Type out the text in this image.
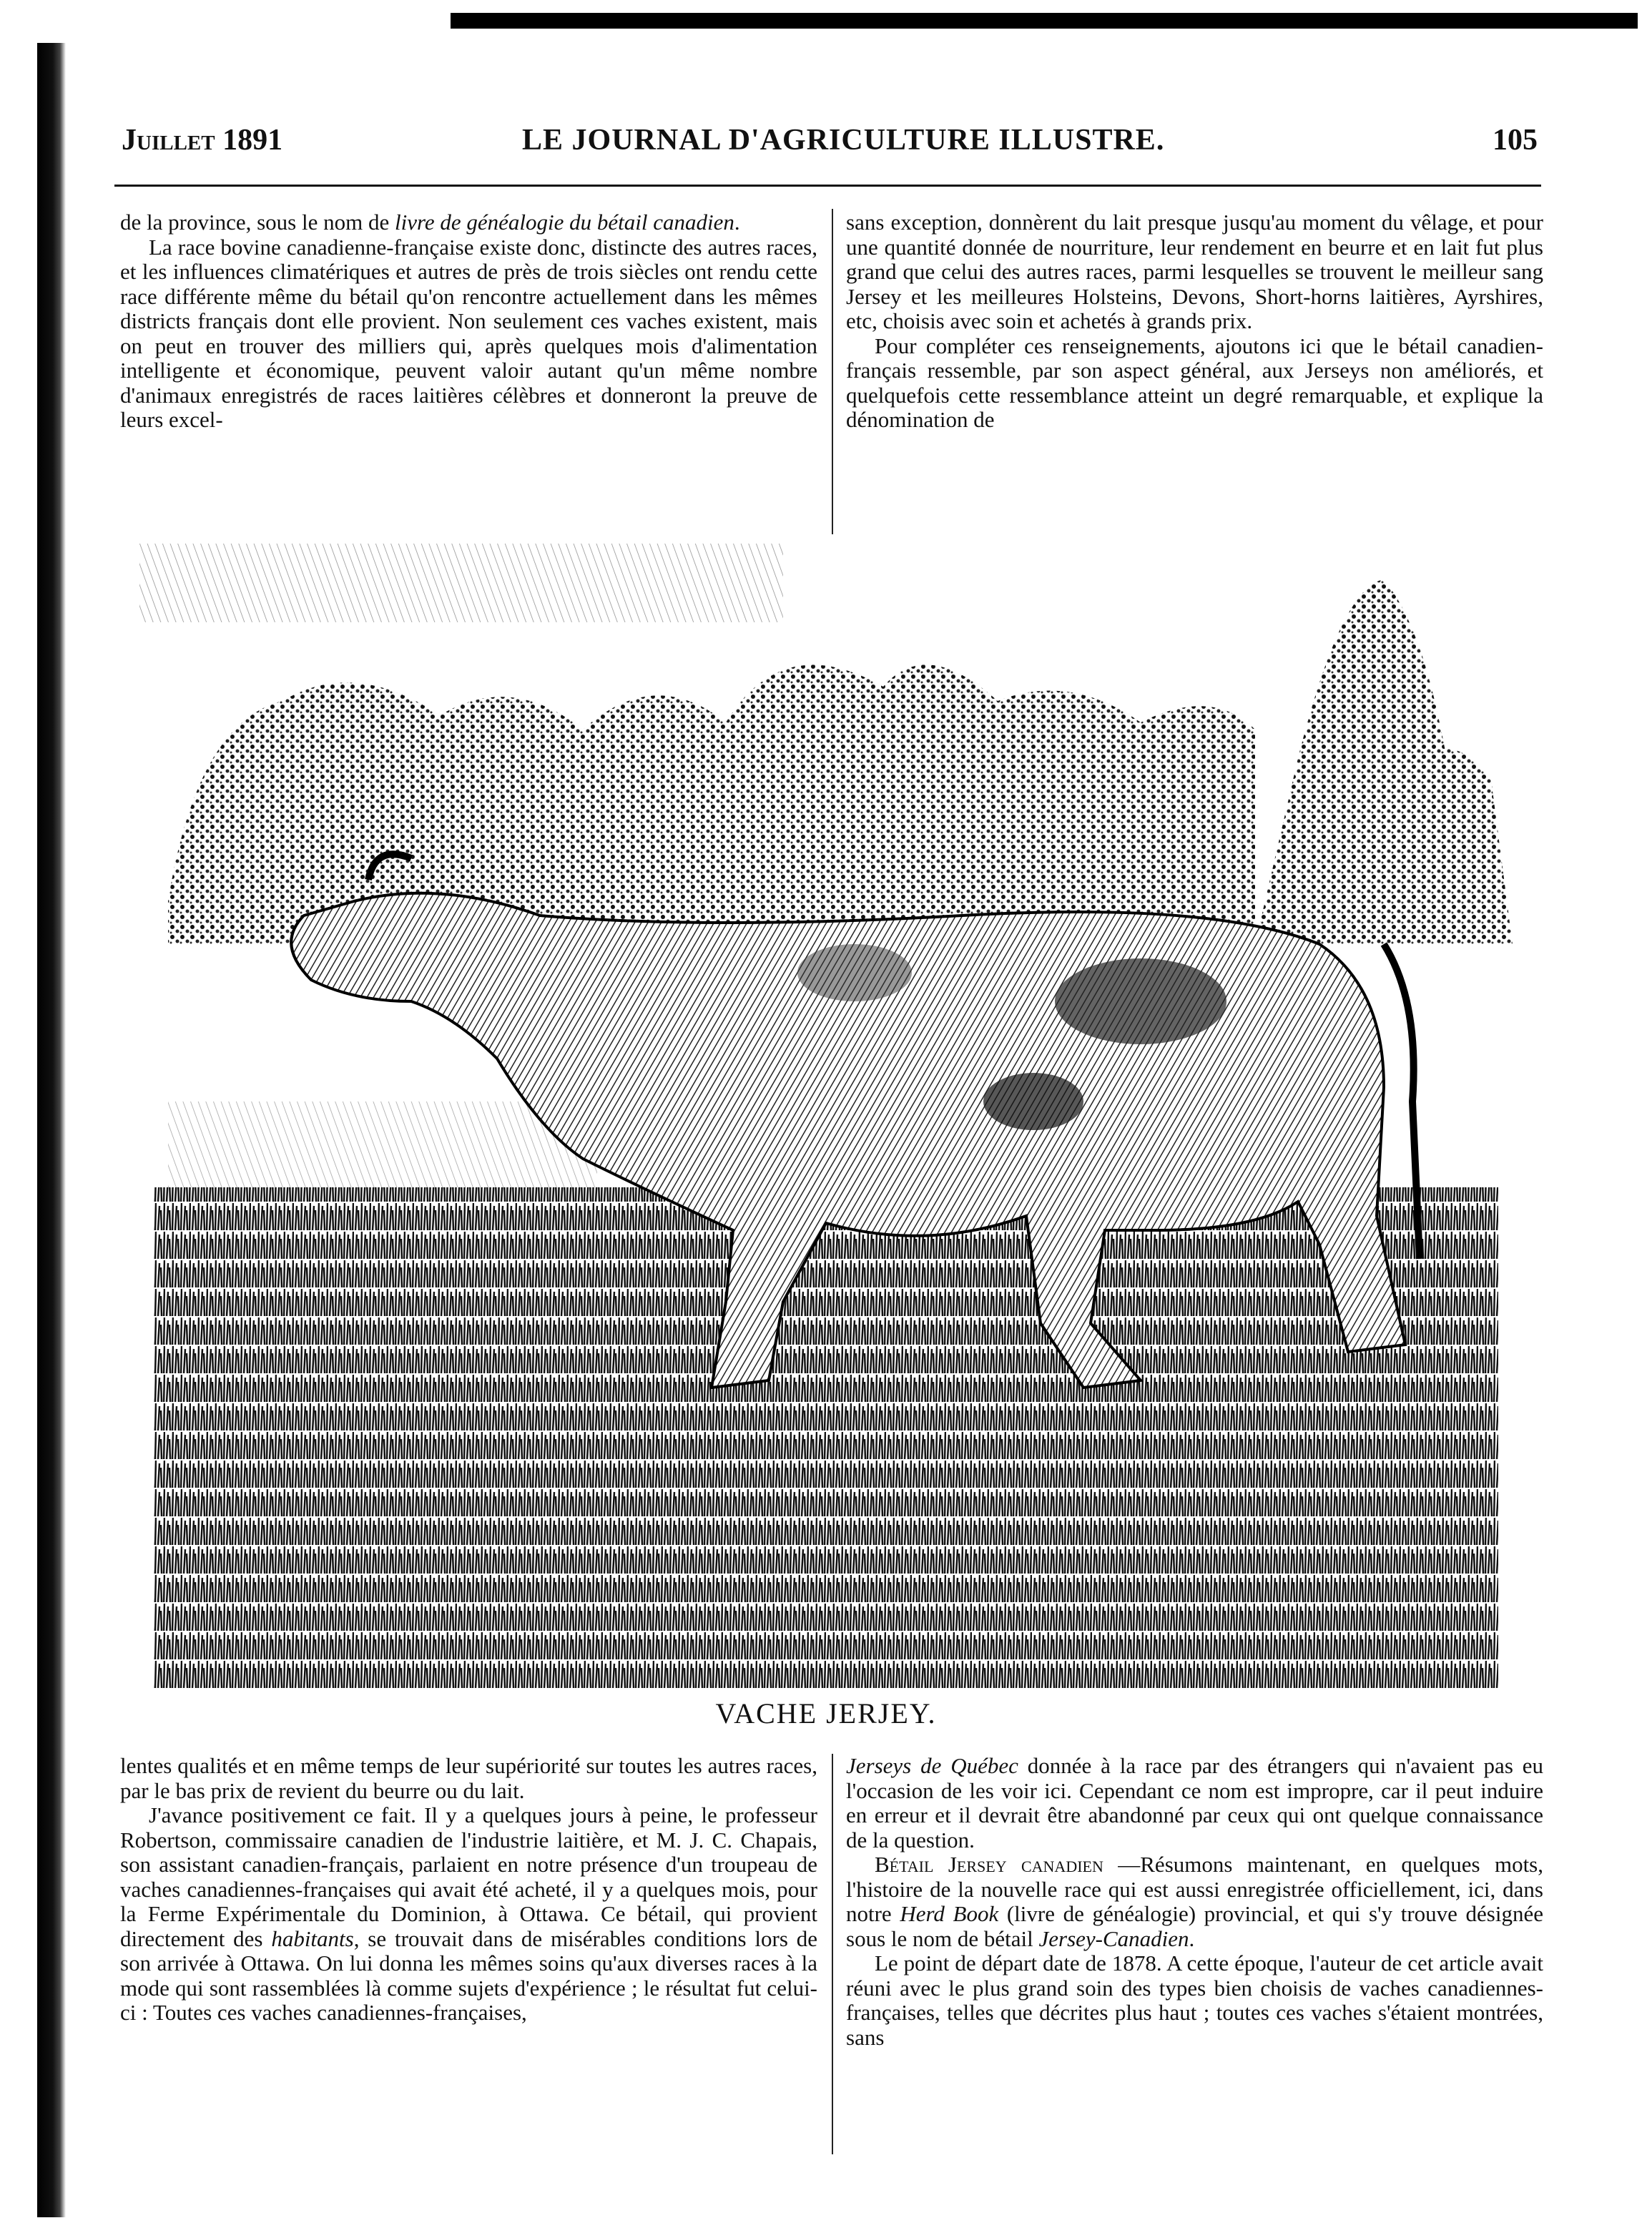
Juillet 1891	LE JOURNAL D'AGRICULTURE ILLUSTRE.	105

de la province, sous le nom de livre de généalogie du bétail canadien.

La race bovine canadienne-française existe donc, distincte des autres races, et les influences climatériques et autres de près de trois siècles ont rendu cette race différente même du bétail qu'on rencontre actuellement dans les mêmes districts français dont elle provient. Non seulement ces vaches existent, mais on peut en trouver des milliers qui, après quelques mois d'alimentation intelligente et économique, peuvent valoir autant qu'un même nombre d'animaux enregistrés de races laitières célèbres et donneront la preuve de leurs excel-

sans exception, donnèrent du lait presque jusqu'au moment du vêlage, et pour une quantité donnée de nourriture, leur rendement en beurre et en lait fut plus grand que celui des autres races, parmi lesquelles se trouvent le meilleur sang Jersey et les meilleures Holsteins, Devons, Short-horns laitières, Ayrshires, etc, choisis avec soin et achetés à grands prix.

Pour compléter ces renseignements, ajoutons ici que le bétail canadien-français ressemble, par son aspect général, aux Jerseys non améliorés, et quelquefois cette ressemblance atteint un degré remarquable, et explique la dénomination de

VACHE JERJEY.

lentes qualités et en même temps de leur supériorité sur toutes les autres races, par le bas prix de revient du beurre ou du lait.

J'avance positivement ce fait. Il y a quelques jours à peine, le professeur Robertson, commissaire canadien de l'industrie laitière, et M. J. C. Chapais, son assistant canadien-français, parlaient en notre présence d'un troupeau de vaches canadiennes-françaises qui avait été acheté, il y a quelques mois, pour la Ferme Expérimentale du Dominion, à Ottawa. Ce bétail, qui provient directement des habitants, se trouvait dans de misérables conditions lors de son arrivée à Ottawa. On lui donna les mêmes soins qu'aux diverses races à la mode qui sont rassemblées là comme sujets d'expérience ; le résultat fut celui-ci : Toutes ces vaches canadiennes-françaises,

Jerseys de Québec donnée à la race par des étrangers qui n'avaient pas eu l'occasion de les voir ici. Cependant ce nom est impropre, car il peut induire en erreur et il devrait être abandonné par ceux qui ont quelque connaissance de la question.

Bétail Jersey canadien —Résumons maintenant, en quelques mots, l'histoire de la nouvelle race qui est aussi enregistrée officiellement, ici, dans notre Herd Book (livre de généalogie) provincial, et qui s'y trouve désignée sous le nom de bétail Jersey-Canadien.

Le point de départ date de 1878. A cette époque, l'auteur de cet article avait réuni avec le plus grand soin des types bien choisis de vaches canadiennes-françaises, telles que décrites plus haut ; toutes ces vaches s'étaient montrées, sans
